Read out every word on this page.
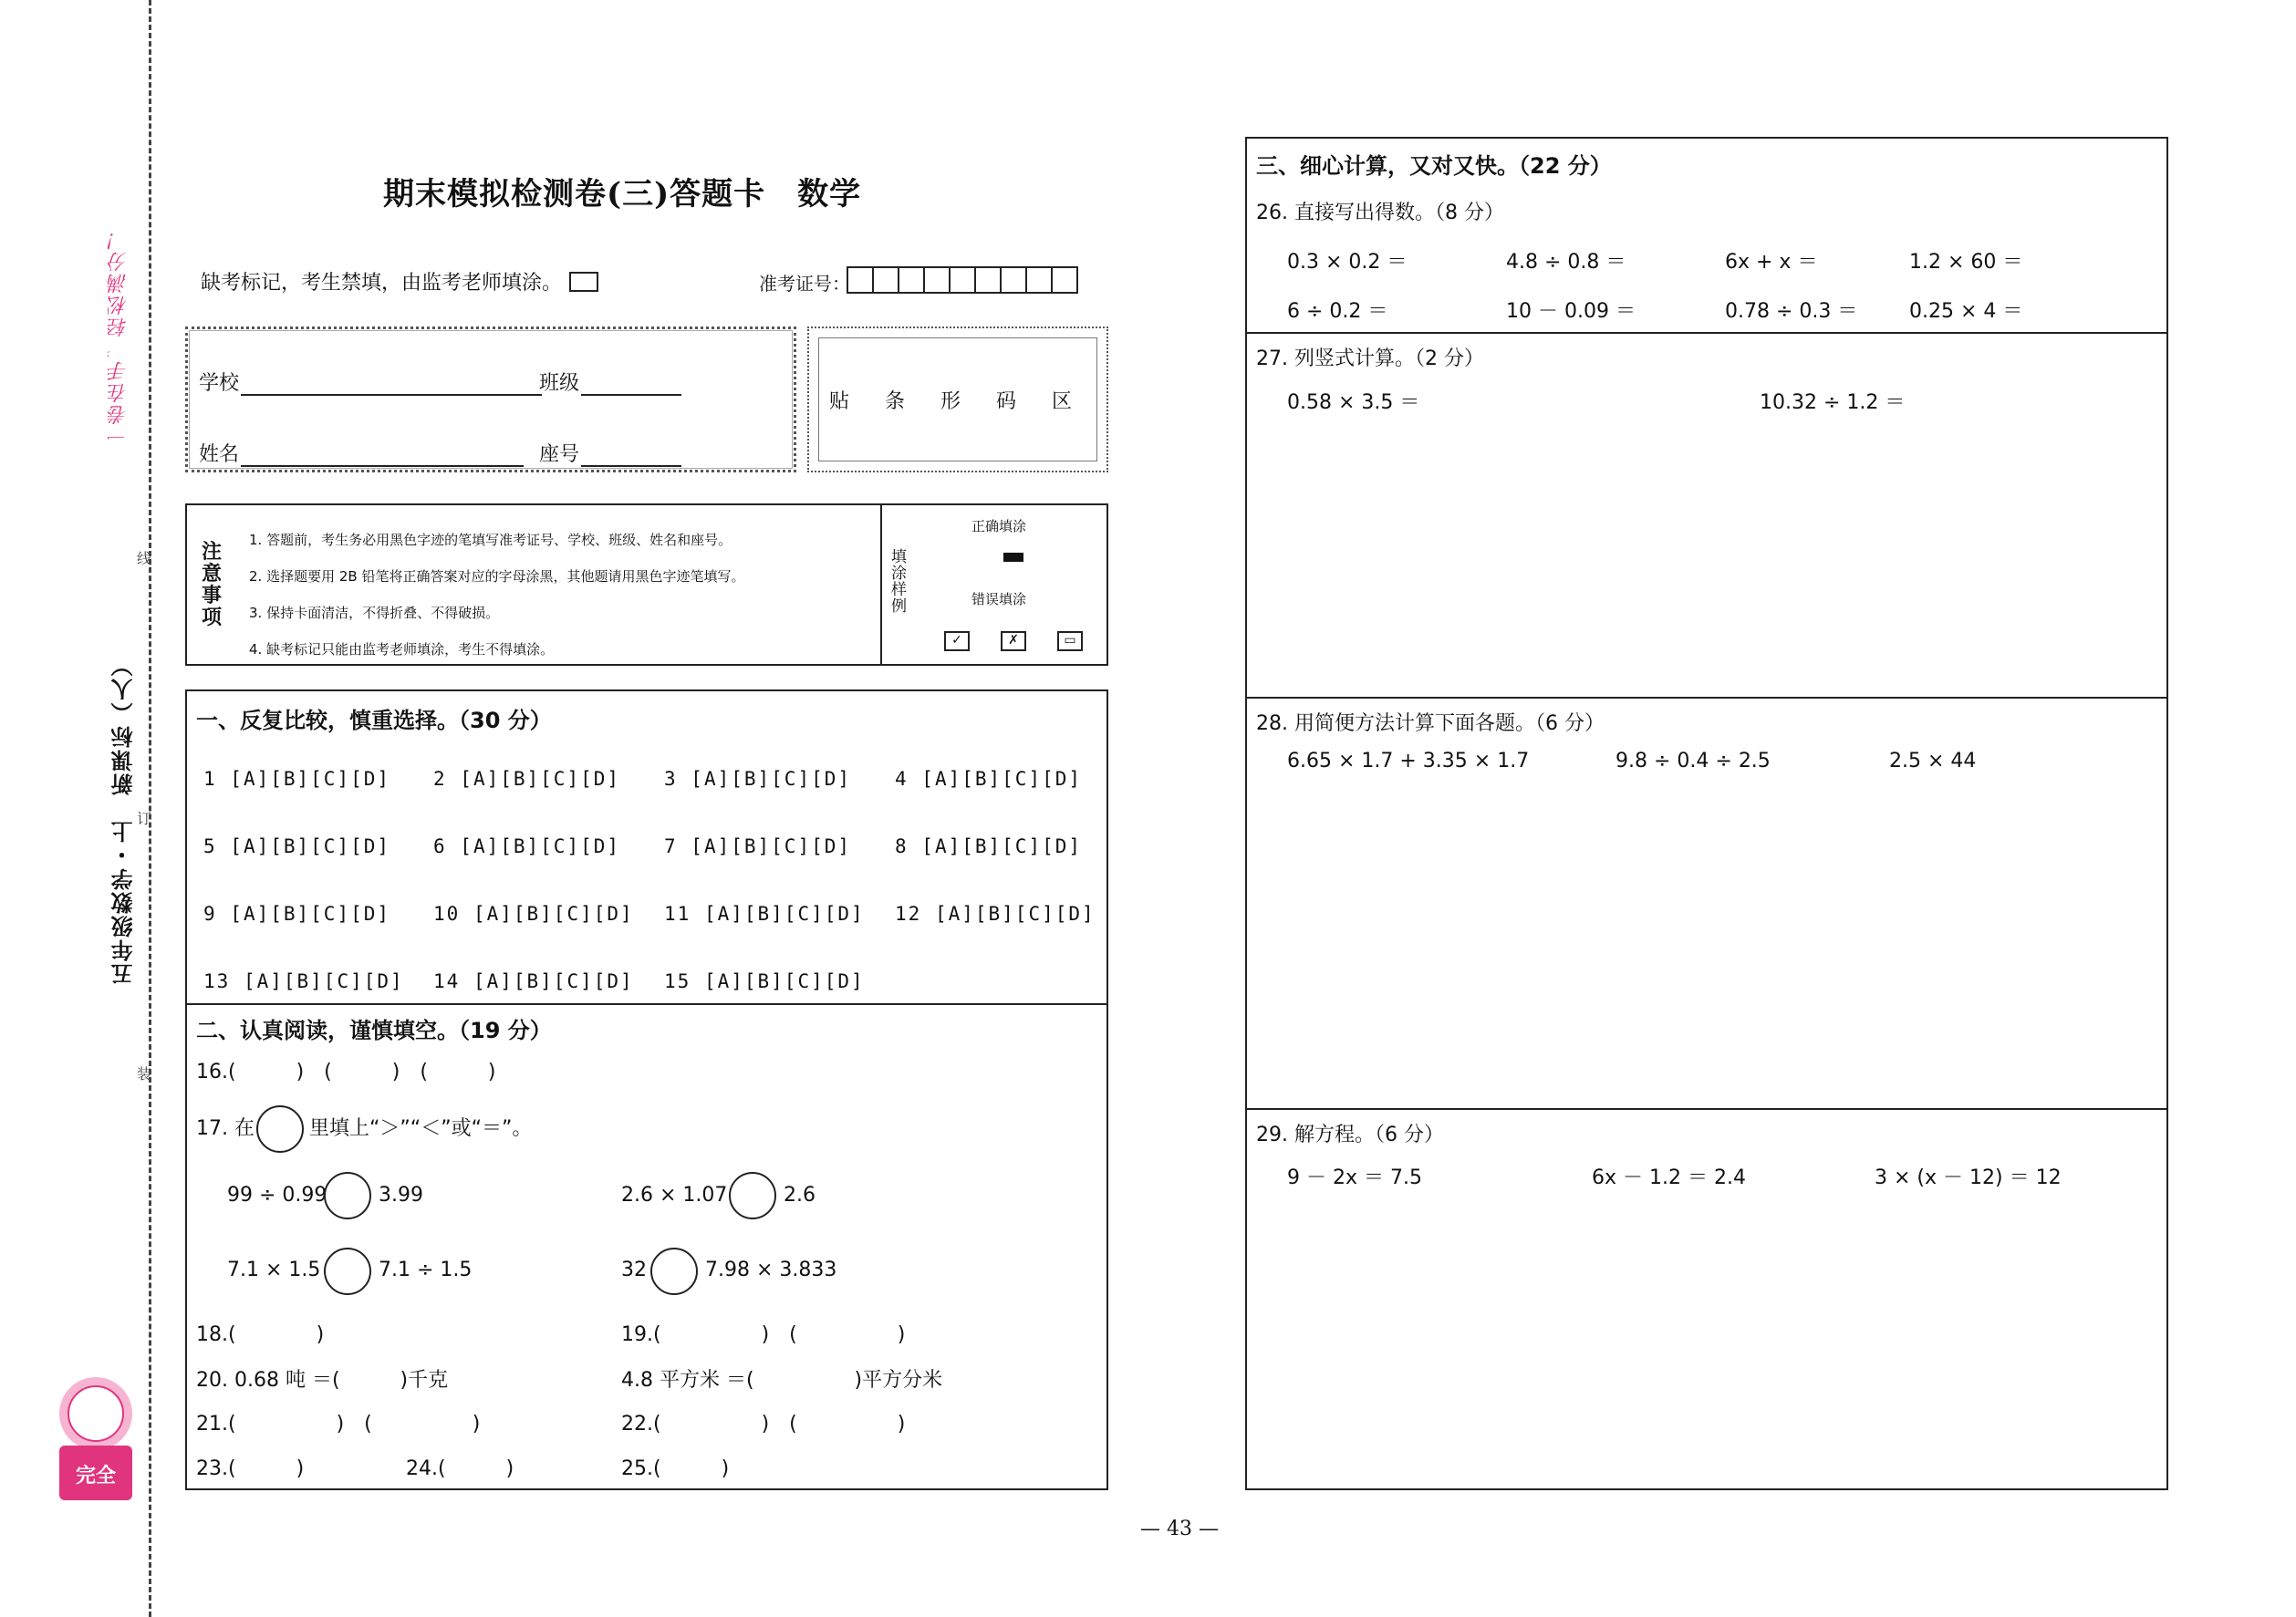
一卷在手，轻松满分！
五年级数学・上　新课标（人）
线
订
装
完全
期末模拟检测卷(三)答题卡　数学
缺考标记，考生禁填，由监考老师填涂。	准考证号：
学校	班级
姓名	座号
贴 条 形 码 区
注意事项
1. 答题前，考生务必用黑色字迹的笔填写准考证号、学校、班级、姓名和座号。
2. 选择题要用 2B 铅笔将正确答案对应的字母涂黑，其他题请用黑色字迹笔填写。
3. 保持卡面清洁，不得折叠、不得破损。
4. 缺考标记只能由监考老师填涂，考生不得填涂。
填涂样例
正确填涂
错误填涂
✓	✗	▭
一、反复比较，慎重选择。（30 分）
1 [A][B][C][D] 2 [A][B][C][D] 3 [A][B][C][D] 4 [A][B][C][D]
5 [A][B][C][D] 6 [A][B][C][D] 7 [A][B][C][D] 8 [A][B][C][D]
9 [A][B][C][D] 10 [A][B][C][D] 11 [A][B][C][D] 12 [A][B][C][D]
13 [A][B][C][D] 14 [A][B][C][D] 15 [A][B][C][D]
二、认真阅读，谨慎填空。（19 分）
16.(　　　)　(　　　)　(　　　)
17. 在	里填上“＞”“＜”或“＝”。
99 ÷ 0.99	3.99	2.6 × 1.07	2.6
7.1 × 1.5	7.1 ÷ 1.5	32	7.98 × 3.833
18.(　　　　)	19.(　　　　　)　(　　　　　)
20. 0.68 吨 ＝(　　　)千克	4.8 平方米 ＝(　　　　　)平方分米
21.(　　　　　)　(　　　　　)	22.(　　　　　)　(　　　　　)
23.(　　　)	24.(　　　)	25.(　　　)
三、细心计算，又对又快。（22 分）
26. 直接写出得数。（8 分）
0.3 × 0.2 ＝	4.8 ÷ 0.8 ＝	6x + x ＝	1.2 × 60 ＝
6 ÷ 0.2 ＝	10 － 0.09 ＝	0.78 ÷ 0.3 ＝	0.25 × 4 ＝
27. 列竖式计算。（2 分）
0.58 × 3.5 ＝	10.32 ÷ 1.2 ＝
28. 用简便方法计算下面各题。（6 分）
6.65 × 1.7 + 3.35 × 1.7	9.8 ÷ 0.4 ÷ 2.5	2.5 × 44
29. 解方程。（6 分）
9 － 2x ＝ 7.5	6x － 1.2 ＝ 2.4	3 × (x － 12) ＝ 12
— 43 —
